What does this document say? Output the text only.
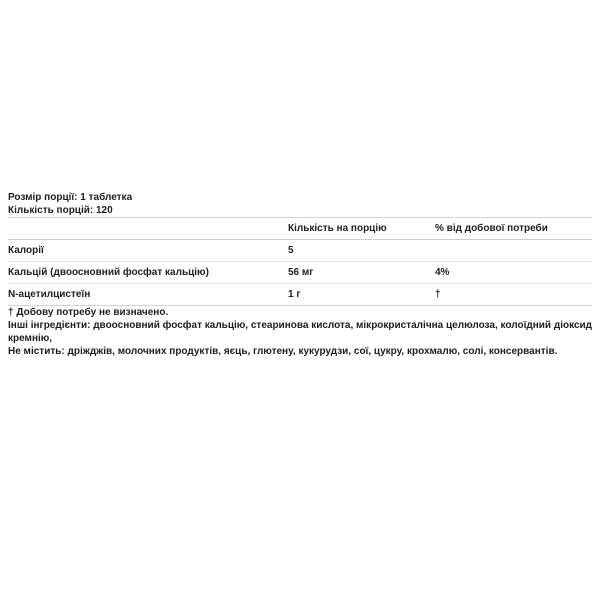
Розмір порції: 1 таблетка

Кількість порцій: 120

	Кількість на порцію	% від добової потреби
Калорії	5	
Кальцій (двоосновний фосфат кальцію)	56 мг	4%
N-ацетилцистеїн	1 г	†

† Добову потребу не визначено.

Інші інгредієнти: двоосновний фосфат кальцію, стеаринова кислота, мікрокристалічна целюлоза, колоїдний діоксид кремнію,

Не містить: дріжджів, молочних продуктів, яєць, глютену, кукурудзи, сої, цукру, крохмалю, солі, консервантів.
